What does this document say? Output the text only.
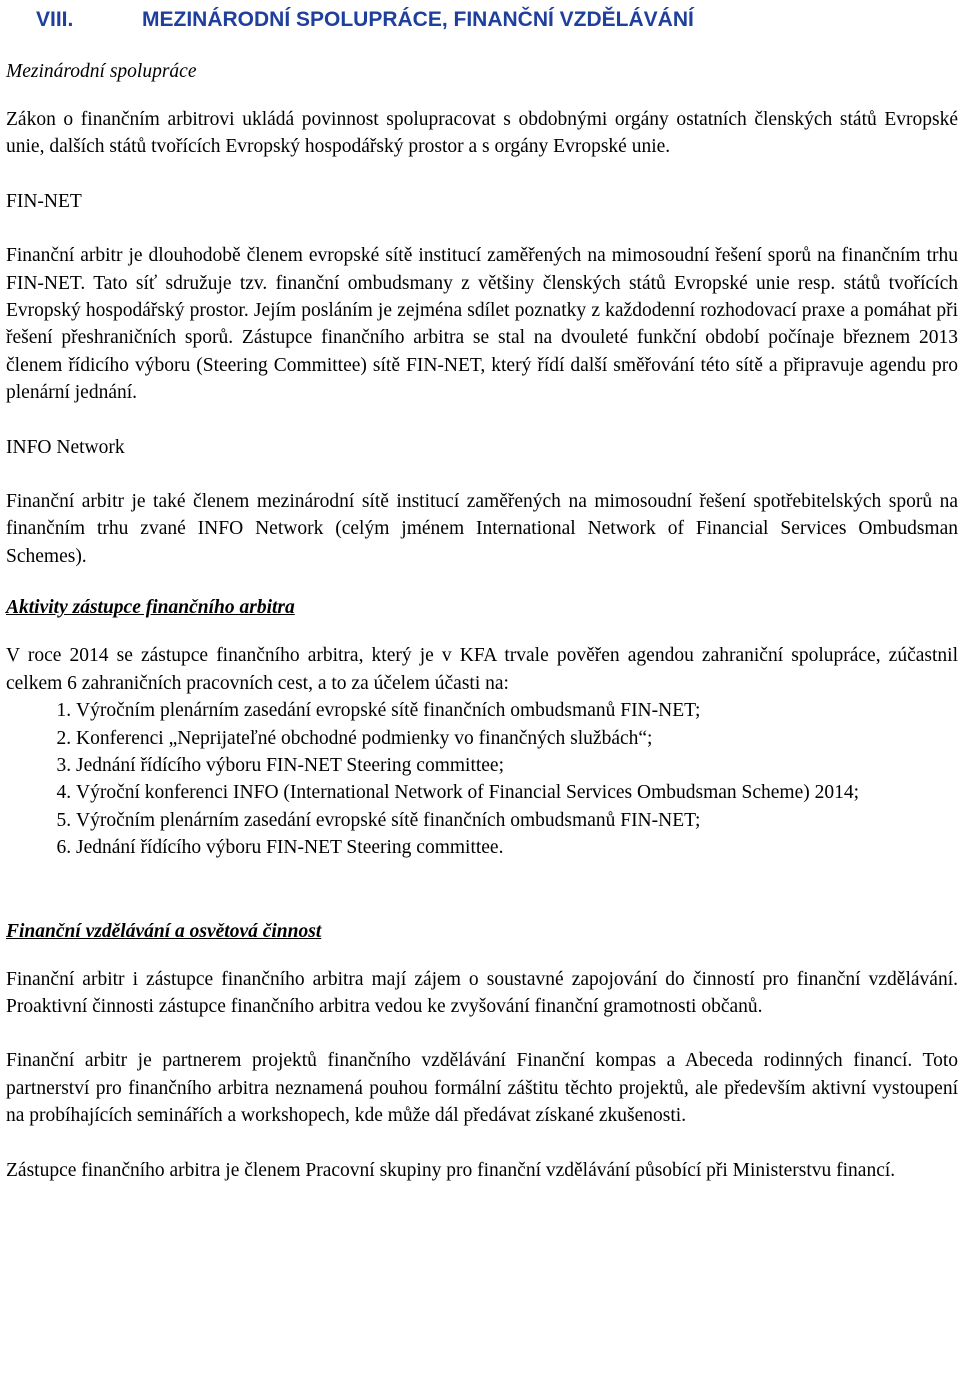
VIII.	MEZINÁRODNÍ SPOLUPRÁCE, FINANČNÍ VZDĚLÁVÁNÍ
Mezinárodní spolupráce

Zákon o finančním arbitrovi ukládá povinnost spolupracovat s obdobnými orgány ostatních členských států Evropské unie, dalších států tvořících Evropský hospodářský prostor a s orgány Evropské unie.

FIN-NET

Finanční arbitr je dlouhodobě členem evropské sítě institucí zaměřených na mimosoudní řešení sporů na finančním trhu FIN-NET. Tato síť sdružuje tzv. finanční ombudsmany z většiny členských států Evropské unie resp. států tvořících Evropský hospodářský prostor. Jejím posláním je zejména sdílet poznatky z každodenní rozhodovací praxe a pomáhat při řešení přeshraničních sporů. Zástupce finančního arbitra se stal na dvouleté funkční období počínaje březnem 2013 členem řídicího výboru (Steering Committee) sítě FIN-NET, který řídí další směřování této sítě a připravuje agendu pro plenární jednání.

INFO Network

Finanční arbitr je také členem mezinárodní sítě institucí zaměřených na mimosoudní řešení spotřebitelských sporů na finančním trhu zvané INFO Network (celým jménem International Network of Financial Services Ombudsman Schemes).

Aktivity zástupce finančního arbitra

V roce 2014 se zástupce finančního arbitra, který je v KFA trvale pověřen agendou zahraniční spolupráce, zúčastnil celkem 6 zahraničních pracovních cest, a to za účelem účasti na:

1. Výročním plenárním zasedání evropské sítě finančních ombudsmanů FIN-NET;
2. Konferenci „Neprijateľné obchodné podmienky vo finančných službách“;
3. Jednání řídícího výboru FIN-NET Steering committee;
4. Výroční konferenci INFO (International Network of Financial Services Ombudsman Scheme) 2014;
5. Výročním plenárním zasedání evropské sítě finančních ombudsmanů FIN-NET;
6. Jednání řídícího výboru FIN-NET Steering committee.
Finanční vzdělávání a osvětová činnost

Finanční arbitr i zástupce finančního arbitra mají zájem o soustavné zapojování do činností pro finanční vzdělávání. Proaktivní činnosti zástupce finančního arbitra vedou ke zvyšování finanční gramotnosti občanů.

Finanční arbitr je partnerem projektů finančního vzdělávání Finanční kompas a Abeceda rodinných financí. Toto partnerství pro finančního arbitra neznamená pouhou formální záštitu těchto projektů, ale především aktivní vystoupení na probíhajících seminářích a workshopech, kde může dál předávat získané zkušenosti.

Zástupce finančního arbitra je členem Pracovní skupiny pro finanční vzdělávání působící při Ministerstvu financí.
